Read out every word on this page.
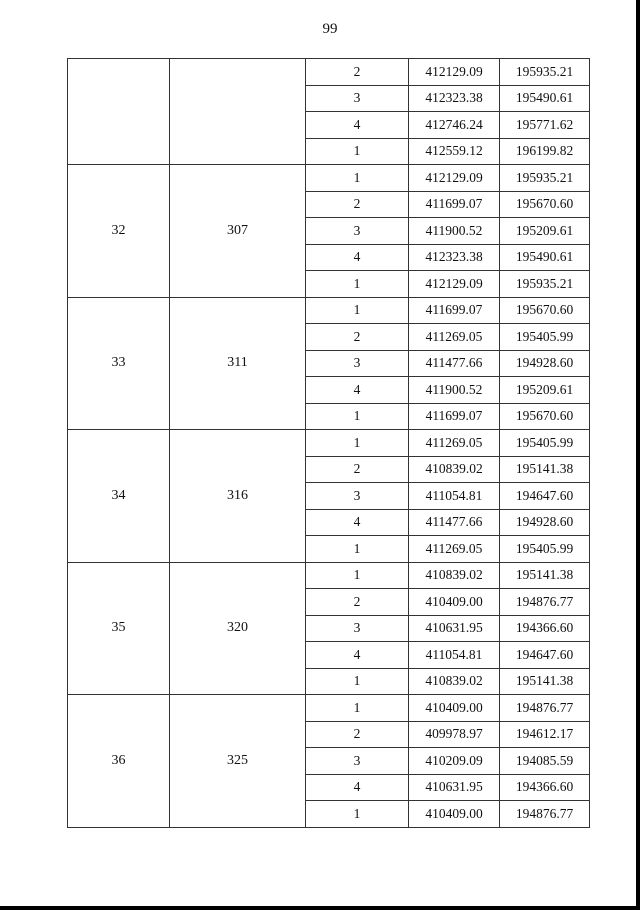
99
		2	412129.09	195935.21
		3	412323.38	195490.61
		4	412746.24	195771.62
		1	412559.12	196199.82
32	307	1	412129.09	195935.21
		2	411699.07	195670.60
		3	411900.52	195209.61
		4	412323.38	195490.61
		1	412129.09	195935.21
33	311	1	411699.07	195670.60
		2	411269.05	195405.99
		3	411477.66	194928.60
		4	411900.52	195209.61
		1	411699.07	195670.60
34	316	1	411269.05	195405.99
		2	410839.02	195141.38
		3	411054.81	194647.60
		4	411477.66	194928.60
		1	411269.05	195405.99
35	320	1	410839.02	195141.38
		2	410409.00	194876.77
		3	410631.95	194366.60
		4	411054.81	194647.60
		1	410839.02	195141.38
36	325	1	410409.00	194876.77
		2	409978.97	194612.17
		3	410209.09	194085.59
		4	410631.95	194366.60
		1	410409.00	194876.77
